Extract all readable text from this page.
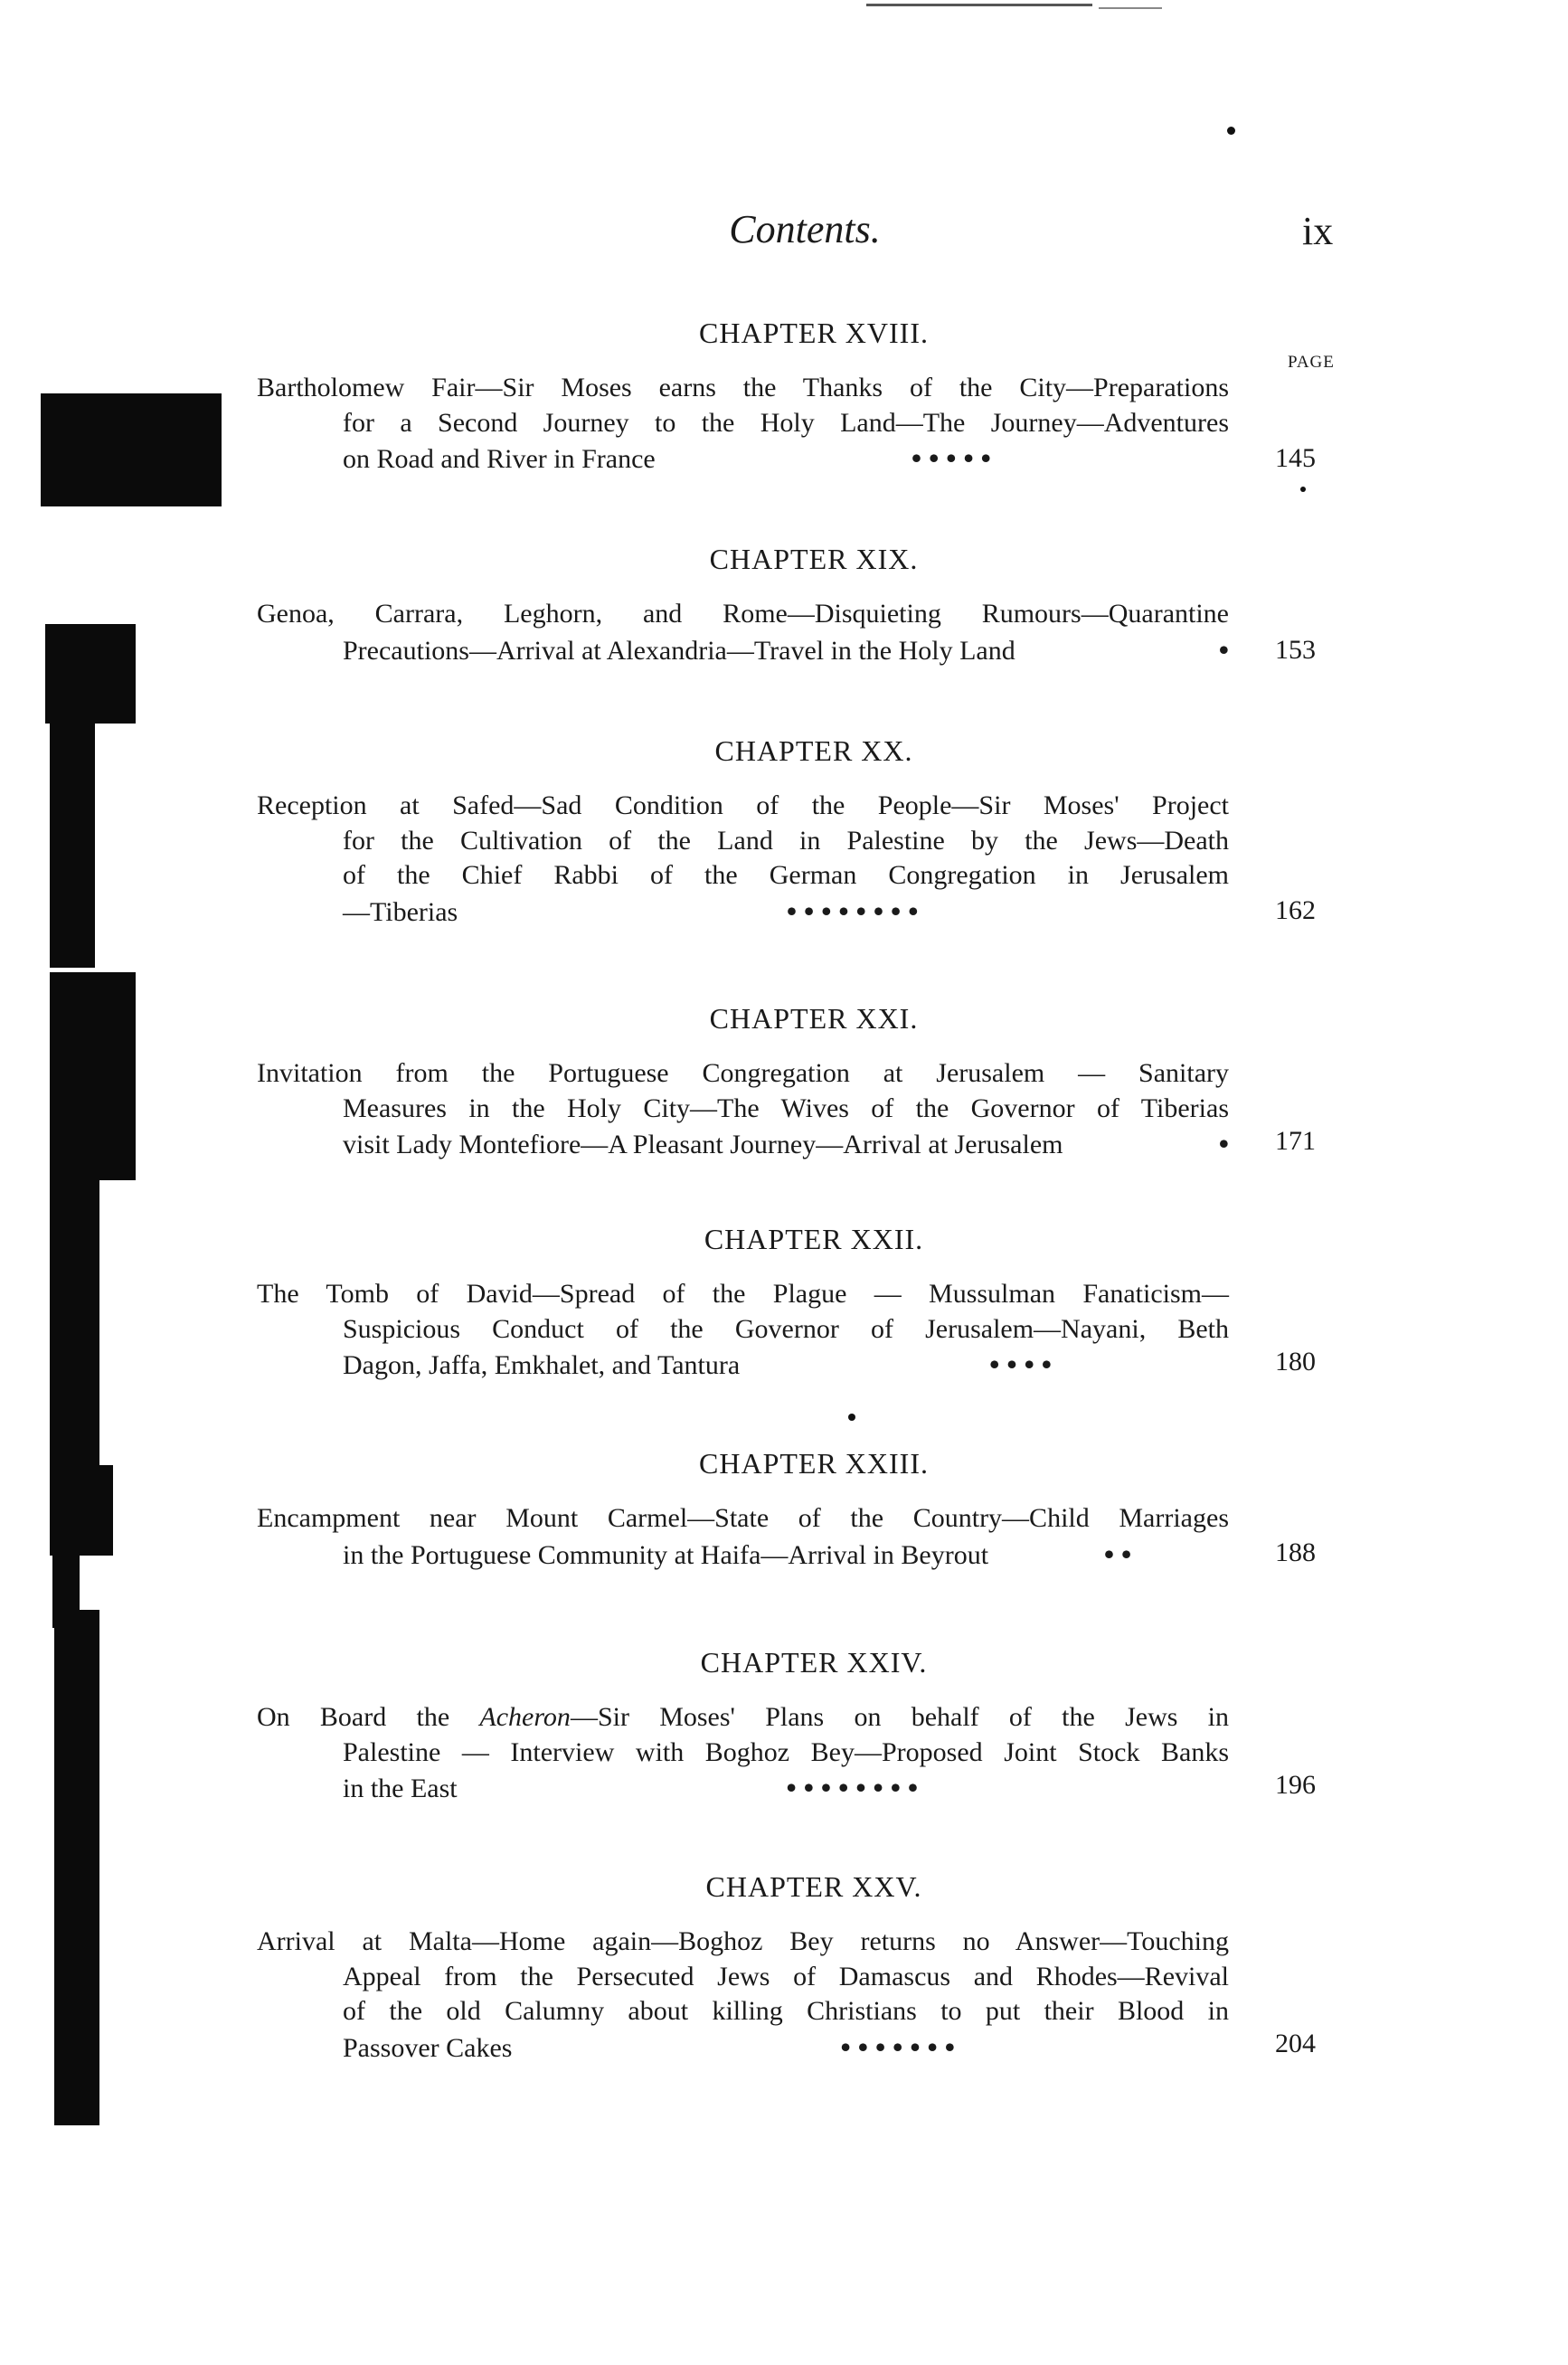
Contents.	ix
PAGE
CHAPTER XVIII.
Bartholomew Fair—Sir Moses earns the Thanks of the City—Preparations
for a Second Journey to the Holy Land—The Journey—Adventures
on Road and River in France	• • • • •	145
CHAPTER XIX.
Genoa, Carrara, Leghorn, and Rome—Disquieting Rumours—Quarantine
Precautions—Arrival at Alexandria—Travel in the Holy Land	• 153
CHAPTER XX.
Reception at Safed—Sad Condition of the People—Sir Moses' Project
for the Cultivation of the Land in Palestine by the Jews—Death
of the Chief Rabbi of the German Congregation in Jerusalem
—Tiberias	• • • • • • • •	162
CHAPTER XXI.
Invitation from the Portuguese Congregation at Jerusalem — Sanitary
Measures in the Holy City—The Wives of the Governor of Tiberias
visit Lady Montefiore—A Pleasant Journey—Arrival at Jerusalem	• 171
CHAPTER XXII.
The Tomb of David—Spread of the Plague — Mussulman Fanaticism—
Suspicious Conduct of the Governor of Jerusalem—Nayani, Beth
Dagon, Jaffa, Emkhalet, and Tantura	• • • •	180
CHAPTER XXIII.
Encampment near Mount Carmel—State of the Country—Child Marriages
in the Portuguese Community at Haifa—Arrival in Beyrout	• •	188
CHAPTER XXIV.
On Board the Acheron—Sir Moses' Plans on behalf of the Jews in
Palestine — Interview with Boghoz Bey—Proposed Joint Stock Banks
in the East	• • • • • • • •	196
CHAPTER XXV.
Arrival at Malta—Home again—Boghoz Bey returns no Answer—Touching
Appeal from the Persecuted Jews of Damascus and Rhodes—Revival
of the old Calumny about killing Christians to put their Blood in
Passover Cakes	• • • • • • •	204
